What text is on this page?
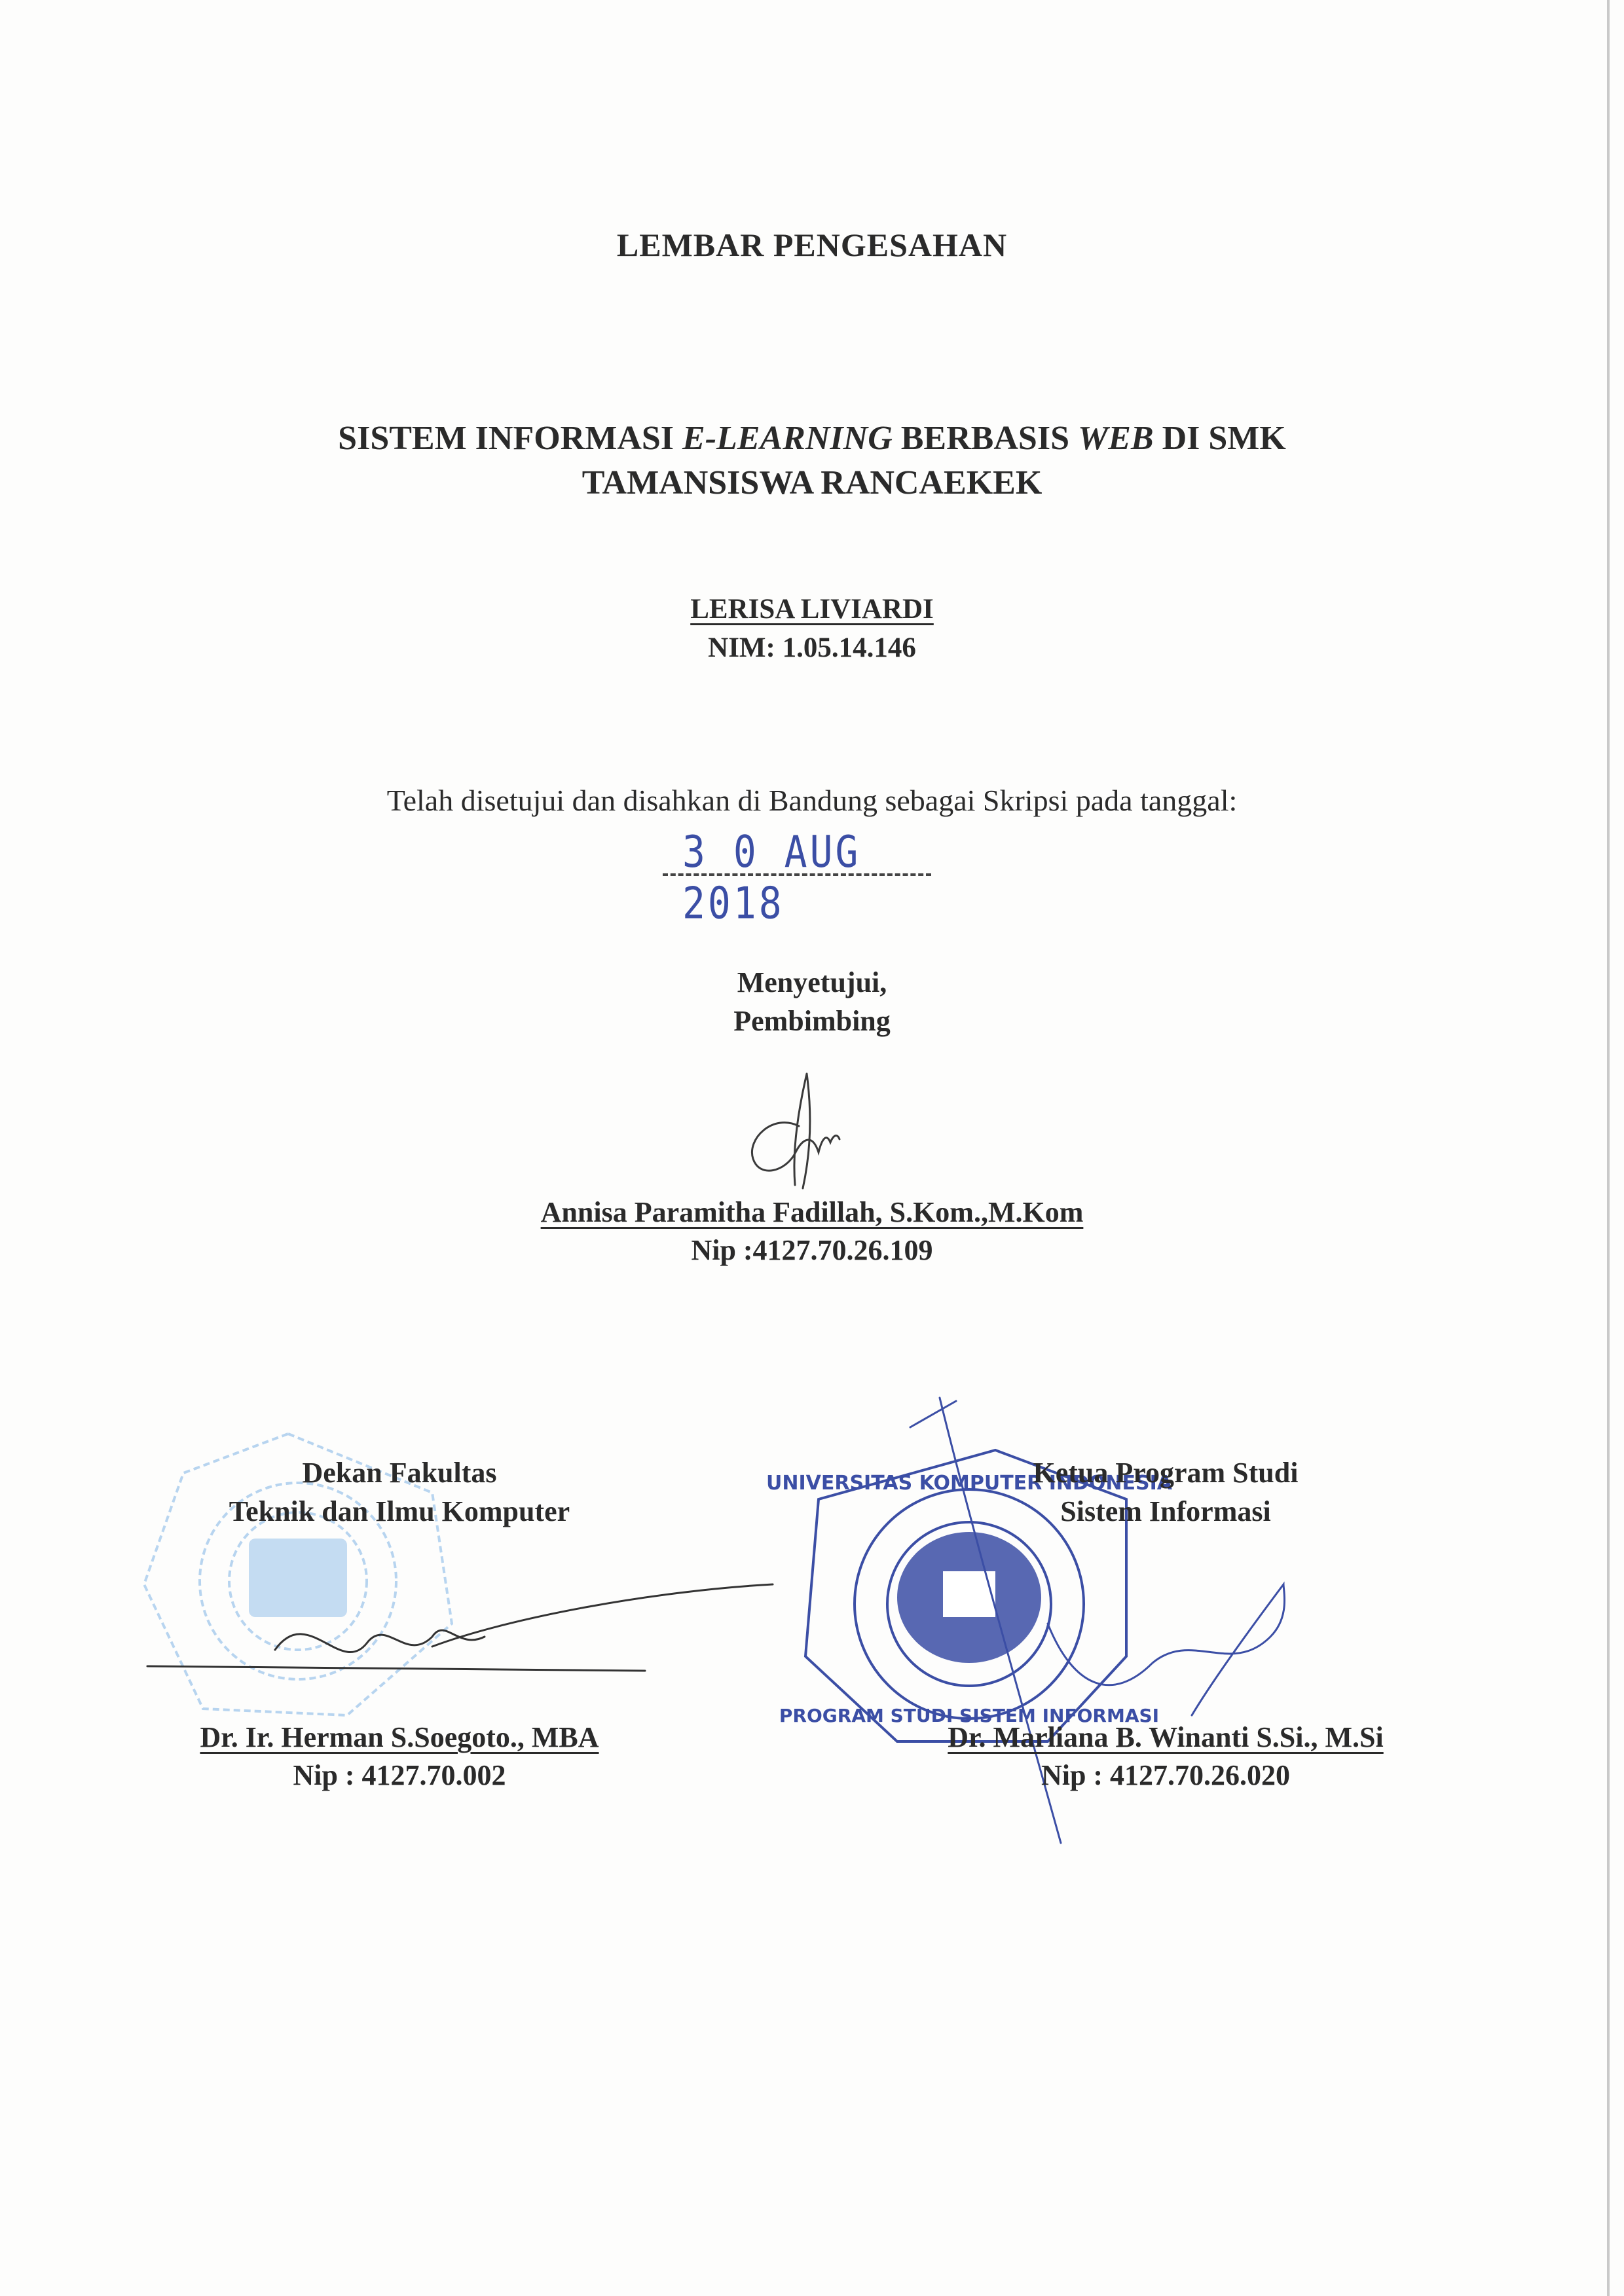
LEMBAR PENGESAHAN
SISTEM INFORMASI E-LEARNING BERBASIS WEB DI SMK
TAMANSISWA RANCAEKEK
LERISA LIVIARDI
NIM: 1.05.14.146
Telah disetujui dan disahkan di Bandung sebagai Skripsi pada tanggal:
3 0 AUG 2018
Menyetujui,
Pembimbing
Annisa Paramitha Fadillah, S.Kom.,M.Kom
Nip :4127.70.26.109
Dekan Fakultas
Teknik dan Ilmu Komputer
Dr. Ir. Herman S.Soegoto., MBA
Nip : 4127.70.002
UNIVERSITAS KOMPUTER INDONESIA
PROGRAM STUDI SISTEM INFORMASI
Ketua Program Studi
Sistem Informasi
Dr. Marliana B. Winanti S.Si., M.Si
Nip : 4127.70.26.020
